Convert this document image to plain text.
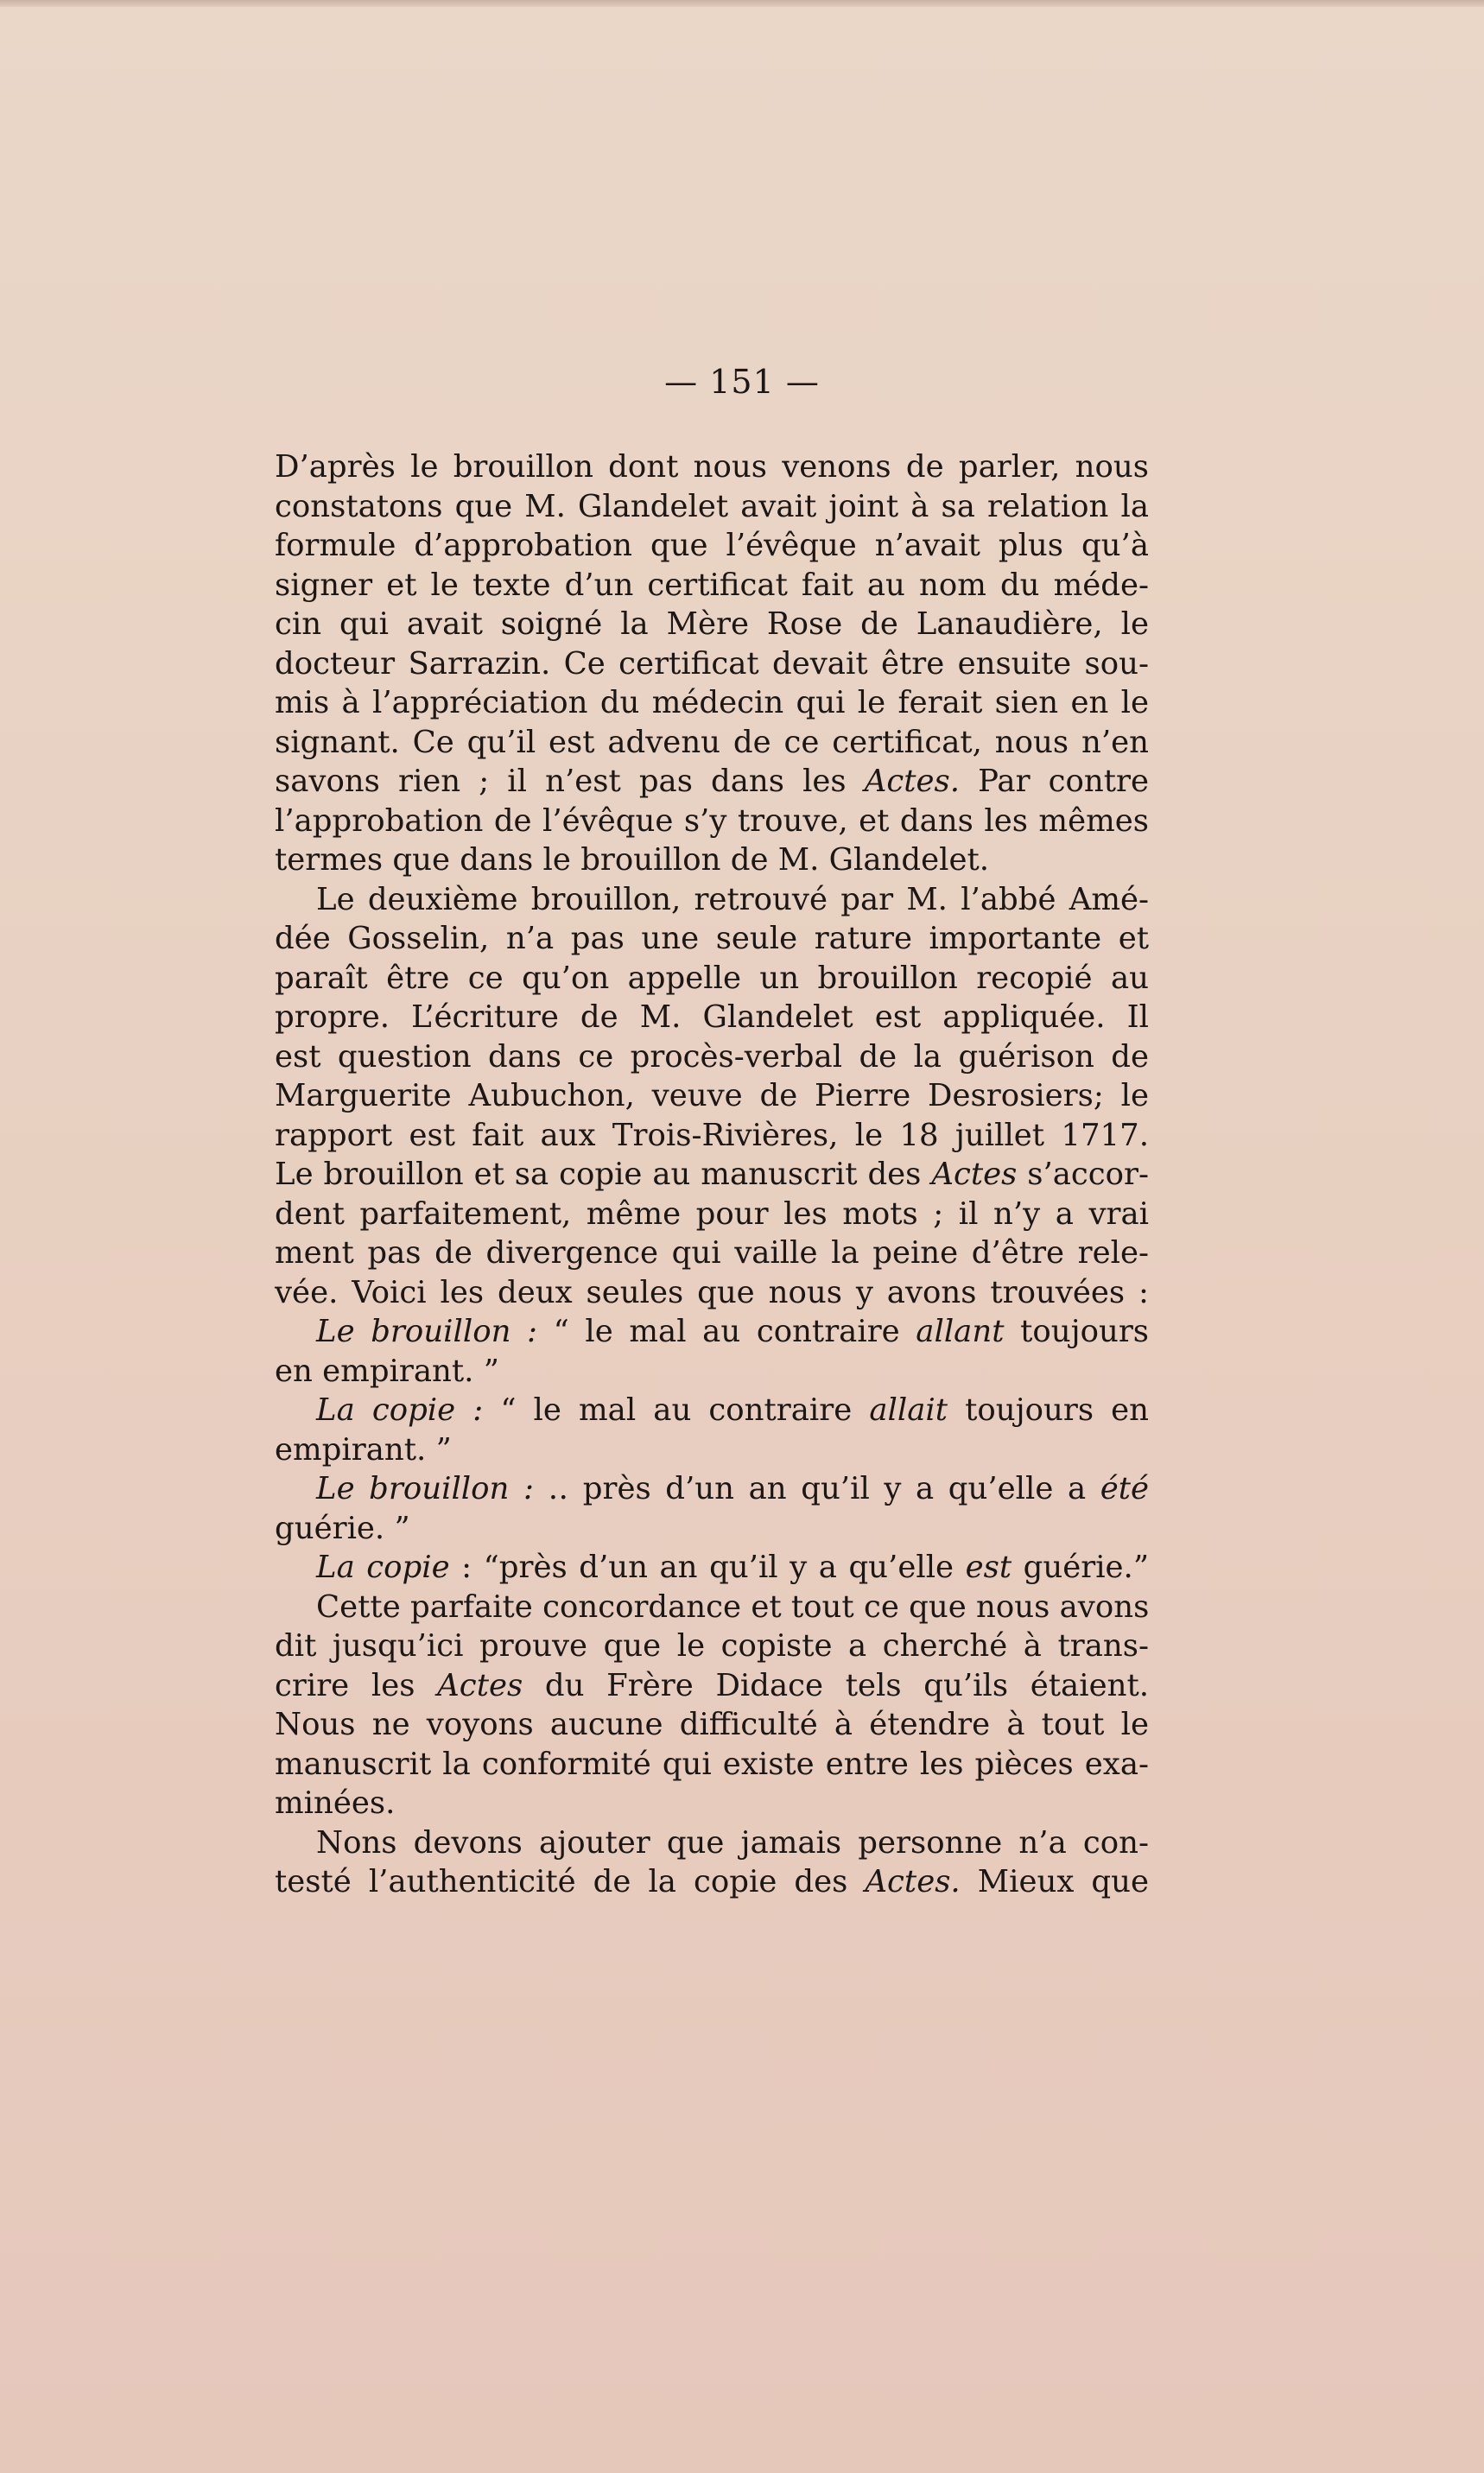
— 151 —
D’après le brouillon dont nous venons de parler, nous
constatons que M. Glandelet avait joint à sa relation la
formule d’approbation que l’évêque n’avait plus qu’à
signer et le texte d’un certificat fait au nom du méde-
cin qui avait soigné la Mère Rose de Lanaudière, le
docteur Sarrazin. Ce certificat devait être ensuite sou-
mis à l’appréciation du médecin qui le ferait sien en le
signant. Ce qu’il est advenu de ce certificat, nous n’en
savons rien ; il n’est pas dans les Actes. Par contre
l’approbation de l’évêque s’y trouve, et dans les mêmes
termes que dans le brouillon de M. Glandelet.
Le deuxième brouillon, retrouvé par M. l’abbé Amé-
dée Gosselin, n’a pas une seule rature importante et
paraît être ce qu’on appelle un brouillon recopié au
propre. L’écriture de M. Glandelet est appliquée. Il
est question dans ce procès-verbal de la guérison de
Marguerite Aubuchon, veuve de Pierre Desrosiers; le
rapport est fait aux Trois-Rivières, le 18 juillet 1717.
Le brouillon et sa copie au manuscrit des Actes s’accor-
dent parfaitement, même pour les mots ; il n’y a vrai
ment pas de divergence qui vaille la peine d’être rele-
vée. Voici les deux seules que nous y avons trouvées :
Le brouillon : “ le mal au contraire allant toujours
en empirant. ”
La copie : “ le mal au contraire allait toujours en
empirant. ”
Le brouillon : ‥ près d’un an qu’il y a qu’elle a été
guérie. ”
La copie : “près d’un an qu’il y a qu’elle est guérie.”
Cette parfaite concordance et tout ce que nous avons
dit jusqu’ici prouve que le copiste a cherché à trans-
crire les Actes du Frère Didace tels qu’ils étaient.
Nous ne voyons aucune difficulté à étendre à tout le
manuscrit la conformité qui existe entre les pièces exa-
minées.
Nons devons ajouter que jamais personne n’a con-
testé l’authenticité de la copie des Actes. Mieux que
